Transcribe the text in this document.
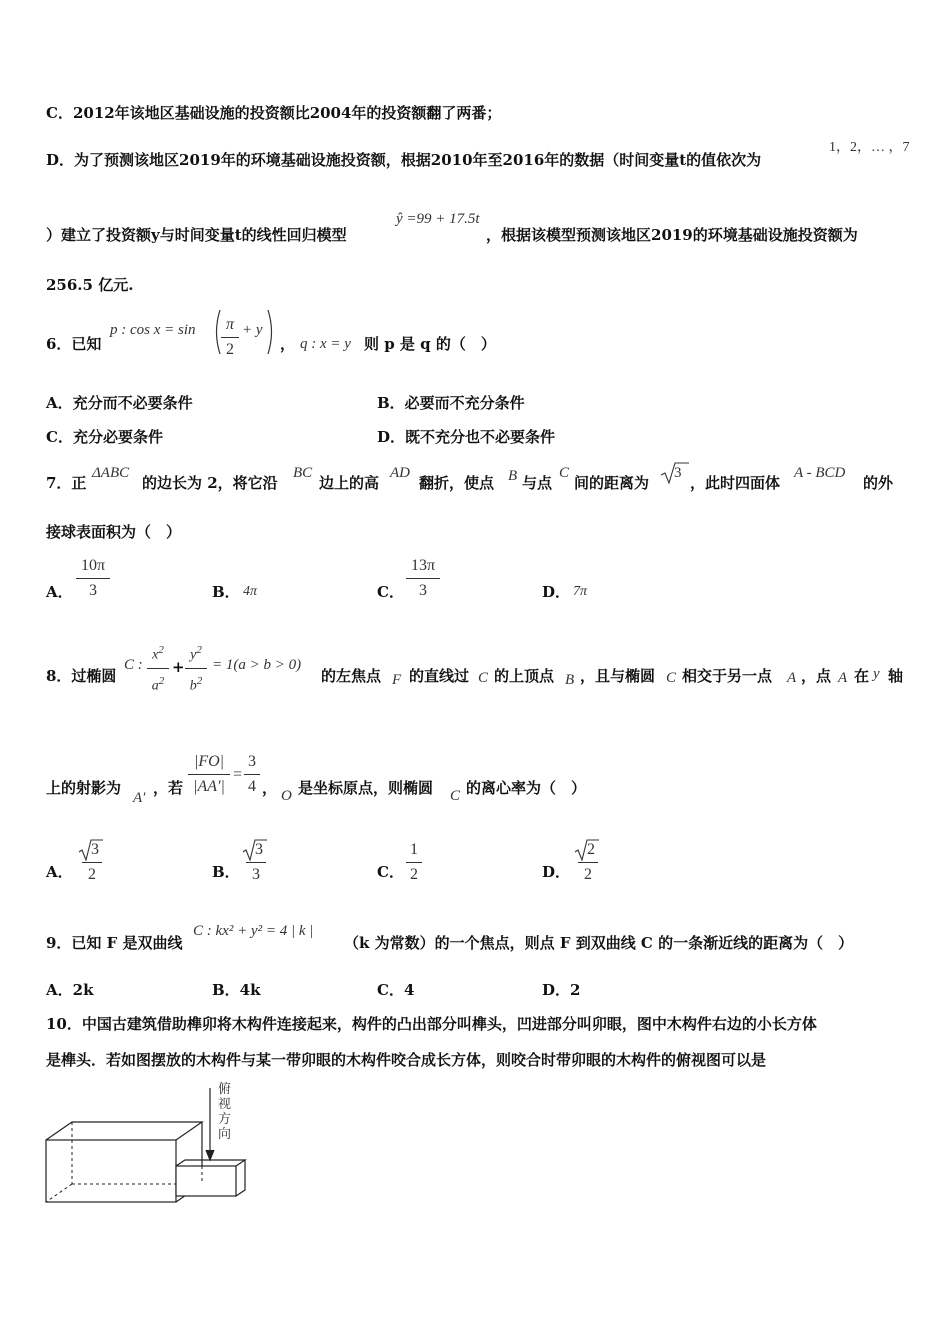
C．2012年该地区基础设施的投资额比2004年的投资额翻了两番；
D．为了预测该地区2019年的环境基础设施投资额，根据2010年至2016年的数据（时间变量t的值依次为
1，2，… ，7
）建立了投资额y与时间变量t的线性回归模型
ŷ =99 + 17.5t
，根据该模型预测该地区2019的环境基础设施投资额为
256.5 亿元.
6．已知
p : $\cos x = \sin \frac{\pi}{2} + y$
， q : x = y 则 p 是 q 的（　）
A．充分而不必要条件	B．必要而不充分条件
C．充分必要条件	D．既不充分也不必要条件
7．正
ΔABC
的边长为 2，将它沿
BC
边上的高
AD
翻折，使点 B 与点
C
间的距离为
3
，此时四面体
A - BCD
的外
接球表面积为（　）
A． $\frac{10\pi}{3}$	B． 4π	C． $\frac{13\pi}{3}$	D． 7π
8．过椭圆
C : $\frac{x^2}{a^2} + \frac{y^2}{b^2} = 1(a > b > 0)$
的左焦点 F 的直线过 C 的上顶点 B ，且与椭圆 C 相交于另一点 A ，点 A 在 y 轴
上的射影为
A′
，若 $\frac{|FO|}{|AA'|} = \frac{3}{4}$ ， O 是坐标原点，则椭圆 C 的离心率为（　）
A． $\frac{3}{2}$	B． $\frac{3}{3}$	C． $\frac{1}{2}$	D． $\frac{2}{2}$
9．已知 F 是双曲线
C : kx² + y² = 4 | k |
（k 为常数）的一个焦点，则点 F 到双曲线 C 的一条渐近线的距离为（　）
A．2k	B．4k	C．4	D．2
10．中国古建筑借助榫卯将木构件连接起来，构件的凸出部分叫榫头，凹进部分叫卯眼，图中木构件右边的小长方体
是榫头．若如图摆放的木构件与某一带卯眼的木构件咬合成长方体，则咬合时带卯眼的木构件的俯视图可以是
俯
视
方
向
